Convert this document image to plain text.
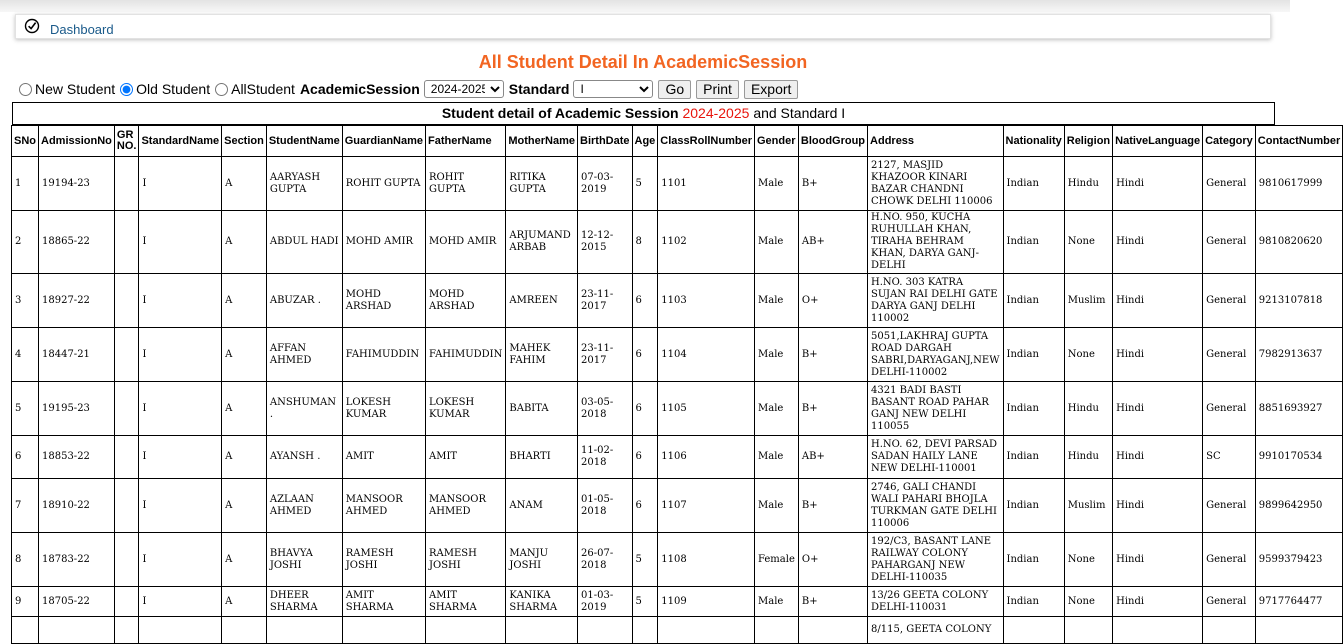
Dashboard
All Student Detail In AcademicSession
New Student Old Student AllStudent AcademicSession
2024-2025	Standard
I	Go	Print	Export
Student detail of Academic Session 2024-2025 and Standard I
SNo	AdmissionNo	GR NO.	StandardName	Section	StudentName	GuardianName	FatherName	MotherName	BirthDate	Age	ClassRollNumber	Gender	BloodGroup	Address	Nationality	Religion	NativeLanguage	Category	ContactNumber
1	19194-23		I	A	AARYASH GUPTA	ROHIT GUPTA	ROHIT GUPTA	RITIKA GUPTA	07-03-2019	5	1101	Male	B+	2127, MASJID KHAZOOR KINARI BAZAR CHANDNI CHOWK DELHI 110006	Indian	Hindu	Hindi	General	9810617999
2	18865-22		I	A	ABDUL HADI	MOHD AMIR	MOHD AMIR	ARJUMAND ARBAB	12-12-2015	8	1102	Male	AB+	H.NO. 950, KUCHA RUHULLAH KHAN, TIRAHA BEHRAM KHAN, DARYA GANJ-DELHI	Indian	None	Hindi	General	9810820620
3	18927-22		I	A	ABUZAR .	MOHD ARSHAD	MOHD ARSHAD	AMREEN	23-11-2017	6	1103	Male	O+	H.NO. 303 KATRA SUJAN RAI DELHI GATE DARYA GANJ DELHI 110002	Indian	Muslim	Hindi	General	9213107818
4	18447-21		I	A	AFFAN AHMED	FAHIMUDDIN	FAHIMUDDIN	MAHEK FAHIM	23-11-2017	6	1104	Male	B+	5051,LAKHRAJ GUPTA ROAD DARGAH SABRI,DARYAGANJ,NEW DELHI-110002	Indian	None	Hindi	General	7982913637
5	19195-23		I	A	ANSHUMAN .	LOKESH KUMAR	LOKESH KUMAR	BABITA	03-05-2018	6	1105	Male	B+	4321 BADI BASTI BASANT ROAD PAHAR GANJ NEW DELHI 110055	Indian	Hindu	Hindi	General	8851693927
6	18853-22		I	A	AYANSH .	AMIT	AMIT	BHARTI	11-02-2018	6	1106	Male	AB+	H.NO. 62, DEVI PARSAD SADAN HAILY LANE NEW DELHI-110001	Indian	Hindu	Hindi	SC	9910170534
7	18910-22		I	A	AZLAAN AHMED	MANSOOR AHMED	MANSOOR AHMED	ANAM	01-05-2018	6	1107	Male	B+	2746, GALI CHANDI WALI PAHARI BHOJLA TURKMAN GATE DELHI 110006	Indian	Muslim	Hindi	General	9899642950
8	18783-22		I	A	BHAVYA JOSHI	RAMESH JOSHI	RAMESH JOSHI	MANJU JOSHI	26-07-2018	5	1108	Female	O+	192/C3, BASANT LANE RAILWAY COLONY PAHARGANJ NEW DELHI-110035	Indian	None	Hindi	General	9599379423
9	18705-22		I	A	DHEER SHARMA	AMIT SHARMA	AMIT SHARMA	KANIKA SHARMA	01-03-2019	5	1109	Male	B+	13/26 GEETA COLONY DELHI-110031	Indian	None	Hindi	General	9717764477
														8/115, GEETA COLONY					
